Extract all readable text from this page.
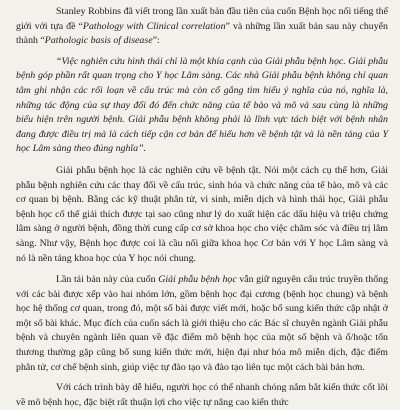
Stanley Robbins đã viết trong lần xuất bản đầu tiên của cuốn Bệnh học nối tiếng thế giới với tựa đề “Pathology with Clinical correlation” và những lần xuất bản sau này chuyển thành “Pathologic basis of disease”:

“Việc nghiên cứu hình thái chỉ là một khía cạnh của Giải phẫu bệnh học. Giải phẫu bệnh góp phần rất quan trọng cho Y học Lâm sàng. Các nhà Giải phẫu bệnh không chỉ quan tâm ghi nhận các rối loạn về cấu trúc mà còn cố gắng tìm hiểu ý nghĩa của nó, nghĩa là, những tác động của sự thay đổi đó đến chức năng của tế bào và mô và sau cùng là những biểu hiện trên người bệnh. Giải phẫu bệnh không phải là lĩnh vực tách biệt với bệnh nhân đang được điều trị mà là cách tiếp cận cơ bản để hiểu hơn về bệnh tật và là nền tảng của Y học Lâm sàng theo đúng nghĩa”.

Giải phẫu bệnh học là các nghiên cứu về bệnh tật. Nói một cách cụ thể hơn, Giải phẫu bệnh nghiên cứu các thay đổi về cấu trúc, sinh hóa và chức năng của tế bào, mô và các cơ quan bị bệnh. Bằng các kỹ thuật phân tử, vi sinh, miễn dịch và hình thái học, Giải phẫu bệnh học cố thể giải thích được tại sao cũng như lý do xuất hiện các dấu hiệu và triệu chứng lâm sàng ở người bệnh, đồng thời cung cấp cơ sở khoa học cho việc chăm sóc và điều trị lâm sàng. Như vậy, Bệnh học được coi là cầu nối giữa khoa học Cơ bản với Y học Lâm sàng và nó là nền tảng khoa học của Y học nói chung.

Lần tái bản này của cuốn Giải phẫu bệnh học vẫn giữ nguyên cấu trúc truyền thống với các bài được xếp vào hai nhóm lớn, gồm bệnh học đại cương (bệnh học chung) và bệnh học hệ thống cơ quan, trong đó, một số bài được viết mới, hoặc bổ sung kiến thức cập nhật ở một số bài khác. Mục đích của cuốn sách là giới thiệu cho các Bác sĩ chuyên ngành Giải phẫu bệnh và chuyên ngành liên quan về đặc điểm mô bệnh học của một số bệnh và ổ/hoặc tổn thương thường gặp cũng bổ sung kiến thức mới, hiện đại như hóa mô miễn dịch, đặc điểm phân tử, cơ chế bệnh sinh, giúp việc tự đào tạo và đào tạo liên tục một cách bài bản hơn.

Với cách trình bày dễ hiểu, người học có thể nhanh chóng nắm bắt kiến thức cốt lõi về mô bệnh học, đặc biệt rất thuận lợi cho việc tự nâng cao kiến thức
